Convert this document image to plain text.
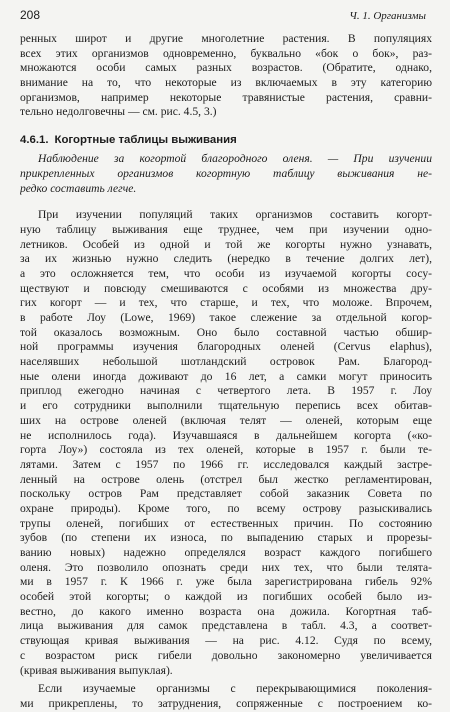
208	Ч. 1. Организмы
ренных широт и другие многолетние растения. В популяциях
всех этих организмов одновременно, буквально «бок о бок», раз-
множаются особи самых разных возрастов. (Обратите, однако,
внимание на то, что некоторые из включаемых в эту категорию
организмов, например некоторые травянистые растения, сравни-
тельно недолговечны — см. рис. 4.5, 3.)
4.6.1. Когортные таблицы выживания
Наблюдение за когортой благородного оленя. — При изучении
прикрепленных организмов когортную таблицу выживания не-
редко составить легче.
При изучении популяций таких организмов составить когорт-
ную таблицу выживания еще труднее, чем при изучении одно-
летников. Особей из одной и той же когорты нужно узнавать,
за их жизнью нужно следить (нередко в течение долгих лет),
а это осложняется тем, что особи из изучаемой когорты сосу-
ществуют и повсюду смешиваются с особями из множества дру-
гих когорт — и тех, что старше, и тех, что моложе. Впрочем,
в работе Лоу (Lowe, 1969) такое слежение за отдельной когор-
той оказалось возможным. Оно было составной частью обшир-
ной программы изучения благородных оленей (Cervus elaphus),
населявших небольшой шотландский островок Рам. Благород-
ные олени иногда доживают до 16 лет, а самки могут приносить
приплод ежегодно начиная с четвертого лета. В 1957 г. Лоу
и его сотрудники выполнили тщательную перепись всех обитав-
ших на острове оленей (включая телят — оленей, которым еще
не исполнилось года). Изучавшаяся в дальнейшем когорта («ко-
горта Лоу») состояла из тех оленей, которые в 1957 г. были те-
лятами. Затем с 1957 по 1966 гг. исследовался каждый застре-
ленный на острове олень (отстрел был жестко регламентирован,
поскольку остров Рам представляет собой заказник Совета по
охране природы). Кроме того, по всему острову разыскивались
трупы оленей, погибших от естественных причин. По состоянию
зубов (по степени их износа, по выпадению старых и прорезы-
ванию новых) надежно определялся возраст каждого погибшего
оленя. Это позволило опознать среди них тех, что были телята-
ми в 1957 г. К 1966 г. уже была зарегистрирована гибель 92%
особей этой когорты; о каждой из погибших особей было из-
вестно, до какого именно возраста она дожила. Когортная таб-
лица выживания для самок представлена в табл. 4.3, а соответ-
ствующая кривая выживания — на рис. 4.12. Судя по всему,
с возрастом риск гибели довольно закономерно увеличивается
(кривая выживания выпуклая).
Если изучаемые организмы с перекрывающимися поколения-
ми прикреплены, то затруднения, сопряженные с построением ко-
